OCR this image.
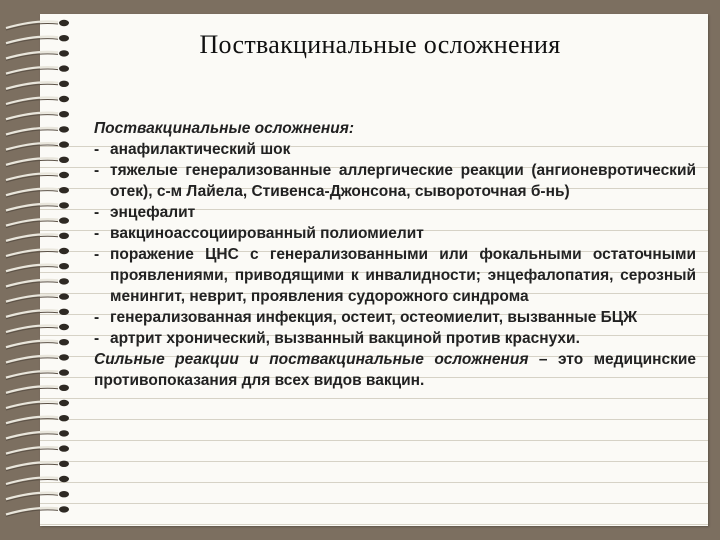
Поствакцинальные осложнения
Поствакцинальные осложнения:
- анафилактический шок
- тяжелые генерализованные аллергические реакции (ангионевротический отек), с-м Лайела, Стивенса-Джонсона, сывороточная б-нь)
- энцефалит
- вакциноассоциированный полиомиелит
- поражение ЦНС с генерализованными или фокальными остаточными проявлениями, приводящими к инвалидности; энцефалопатия, серозный менингит, неврит, проявления судорожного синдрома
- генерализованная инфекция, остеит, остеомиелит, вызванные БЦЖ
- артрит хронический, вызванный вакциной против краснухи.
Сильные реакции и поствакцинальные осложнения – это медицинские противопоказания для всех видов вакцин.
